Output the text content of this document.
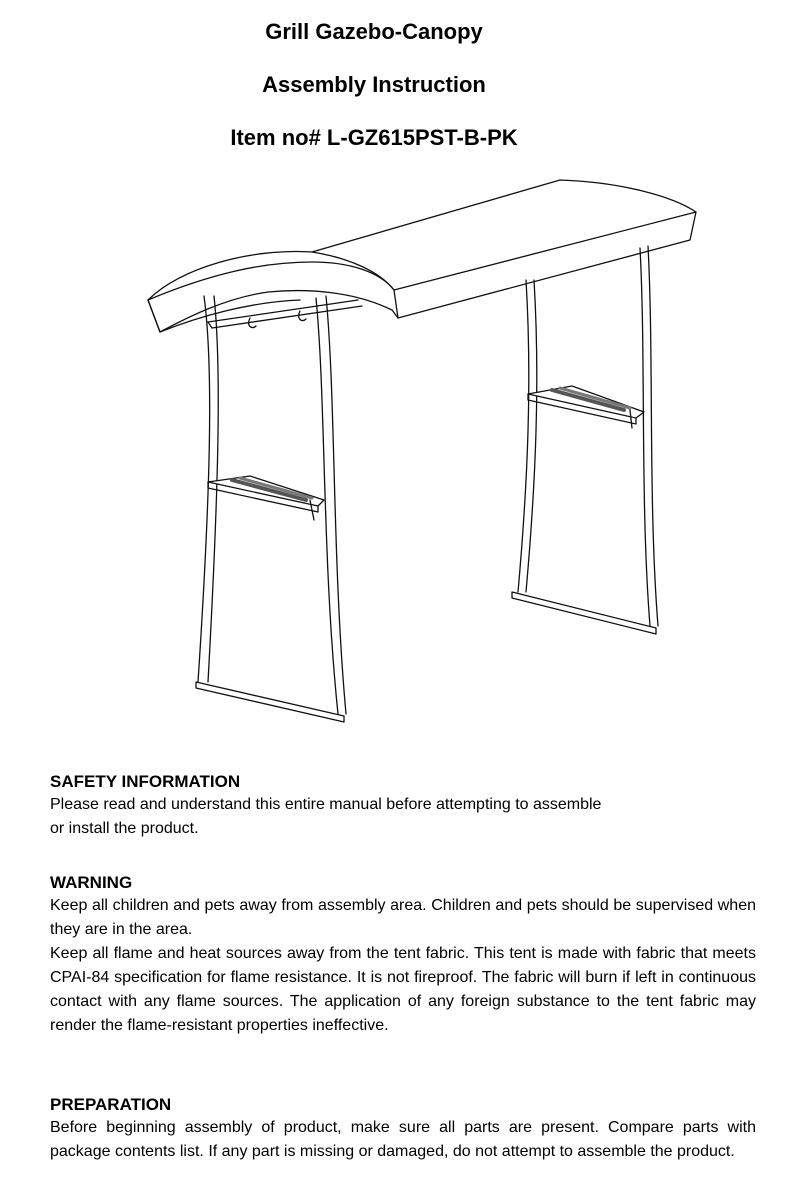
Grill Gazebo-Canopy
Assembly Instruction
Item no# L-GZ615PST-B-PK
SAFETY INFORMATION

Please read and understand this entire manual before attempting to assemble
or install the product.

WARNING

Keep all children and pets away from assembly area. Children and pets should be supervised when they are in the area.

Keep all flame and heat sources away from the tent fabric. This tent is made with fabric that meets CPAI-84 specification for flame resistance. It is not fireproof. The fabric will burn if left in continuous contact with any flame sources. The application of any foreign substance to the tent fabric may render the flame-resistant properties ineffective.

PREPARATION

Before beginning assembly of product, make sure all parts are present. Compare parts with package contents list. If any part is missing or damaged, do not attempt to assemble the product.
